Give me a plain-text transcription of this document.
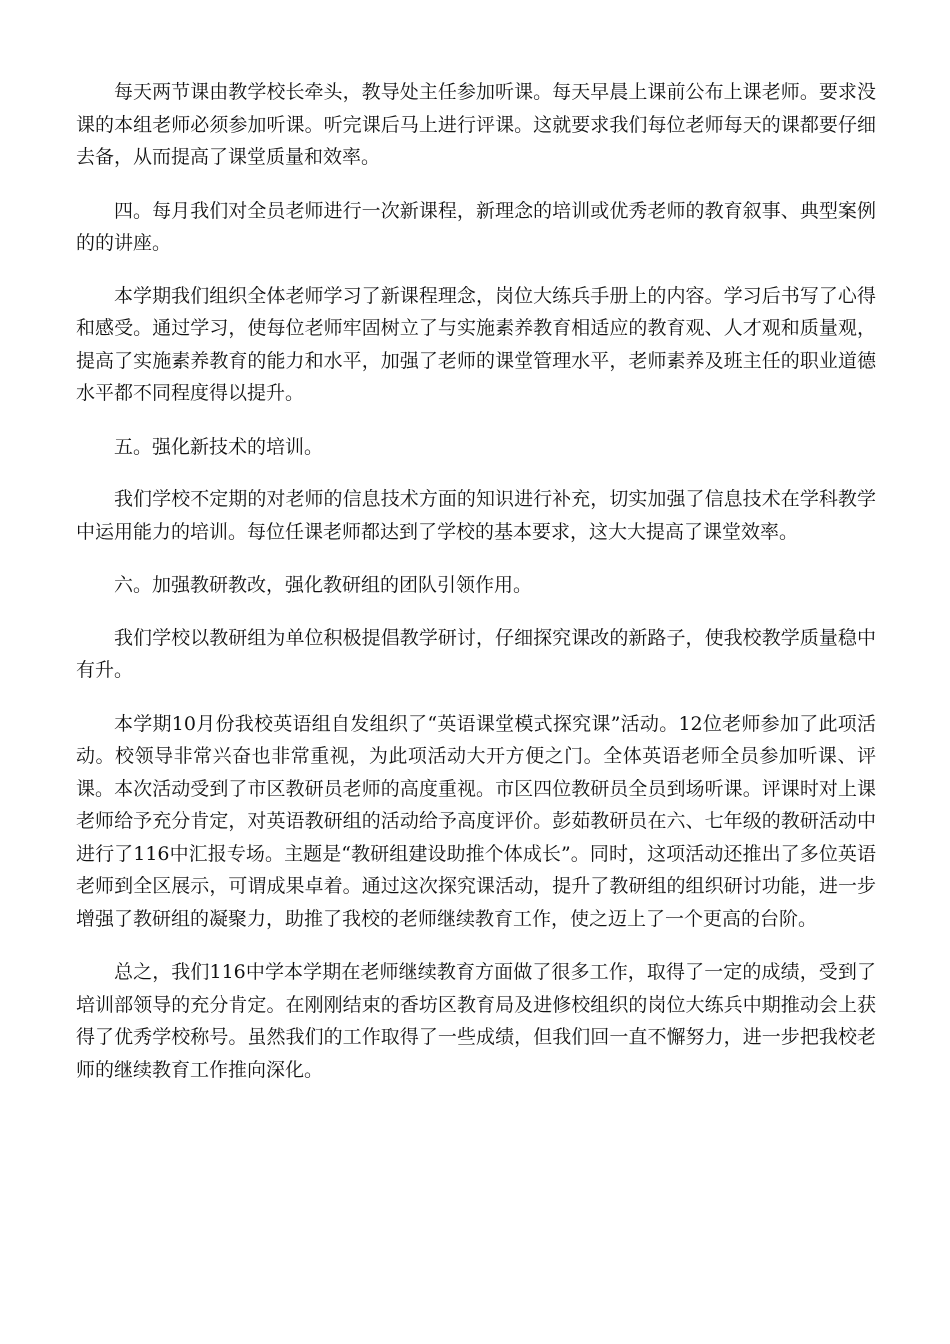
每天两节课由教学校长牵头，教导处主任参加听课。每天早晨上课前公布上课老师。要求没课的本组老师必须参加听课。听完课后马上进行评课。这就要求我们每位老师每天的课都要仔细去备，从而提高了课堂质量和效率。

四。每月我们对全员老师进行一次新课程，新理念的培训或优秀老师的教育叙事、典型案例的的讲座。

本学期我们组织全体老师学习了新课程理念，岗位大练兵手册上的内容。学习后书写了心得和感受。通过学习，使每位老师牢固树立了与实施素养教育相适应的教育观、人才观和质量观，提高了实施素养教育的能力和水平，加强了老师的课堂管理水平，老师素养及班主任的职业道德水平都不同程度得以提升。

五。强化新技术的培训。

我们学校不定期的对老师的信息技术方面的知识进行补充，切实加强了信息技术在学科教学中运用能力的培训。每位任课老师都达到了学校的基本要求，这大大提高了课堂效率。

六。加强教研教改，强化教研组的团队引领作用。

我们学校以教研组为单位积极提倡教学研讨，仔细探究课改的新路子，使我校教学质量稳中有升。

本学期10月份我校英语组自发组织了“英语课堂模式探究课”活动。12位老师参加了此项活动。校领导非常兴奋也非常重视，为此项活动大开方便之门。全体英语老师全员参加听课、评课。本次活动受到了市区教研员老师的高度重视。市区四位教研员全员到场听课。评课时对上课老师给予充分肯定，对英语教研组的活动给予高度评价。彭茹教研员在六、七年级的教研活动中进行了116中汇报专场。主题是“教研组建设助推个体成长”。同时，这项活动还推出了多位英语老师到全区展示，可谓成果卓着。通过这次探究课活动，提升了教研组的组织研讨功能，进一步增强了教研组的凝聚力，助推了我校的老师继续教育工作，使之迈上了一个更高的台阶。

总之，我们116中学本学期在老师继续教育方面做了很多工作，取得了一定的成绩，受到了培训部领导的充分肯定。在刚刚结束的香坊区教育局及进修校组织的岗位大练兵中期推动会上获得了优秀学校称号。虽然我们的工作取得了一些成绩，但我们回一直不懈努力，进一步把我校老师的继续教育工作推向深化。
